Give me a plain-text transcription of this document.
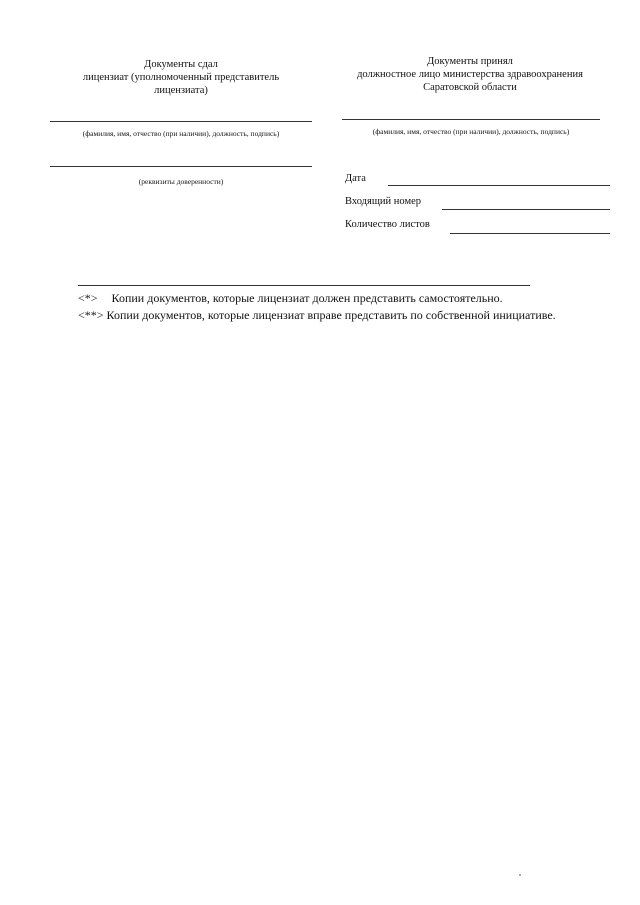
Документы сдал
лицензиат (уполномоченный представитель
лицензиата)
(фамилия, имя, отчество (при наличии), должность, подпись)
(реквизиты доверенности)
Документы принял
должностное лицо министерства здравоохранения
Саратовской области
(фамилия, имя, отчество (при наличии), должность, подпись)
Дата
Входящий номер
Количество листов
<*> Копии документов, которые лицензиат должен представить самостоятельно.
<**> Копии документов, которые лицензиат вправе представить по собственной инициативе.
